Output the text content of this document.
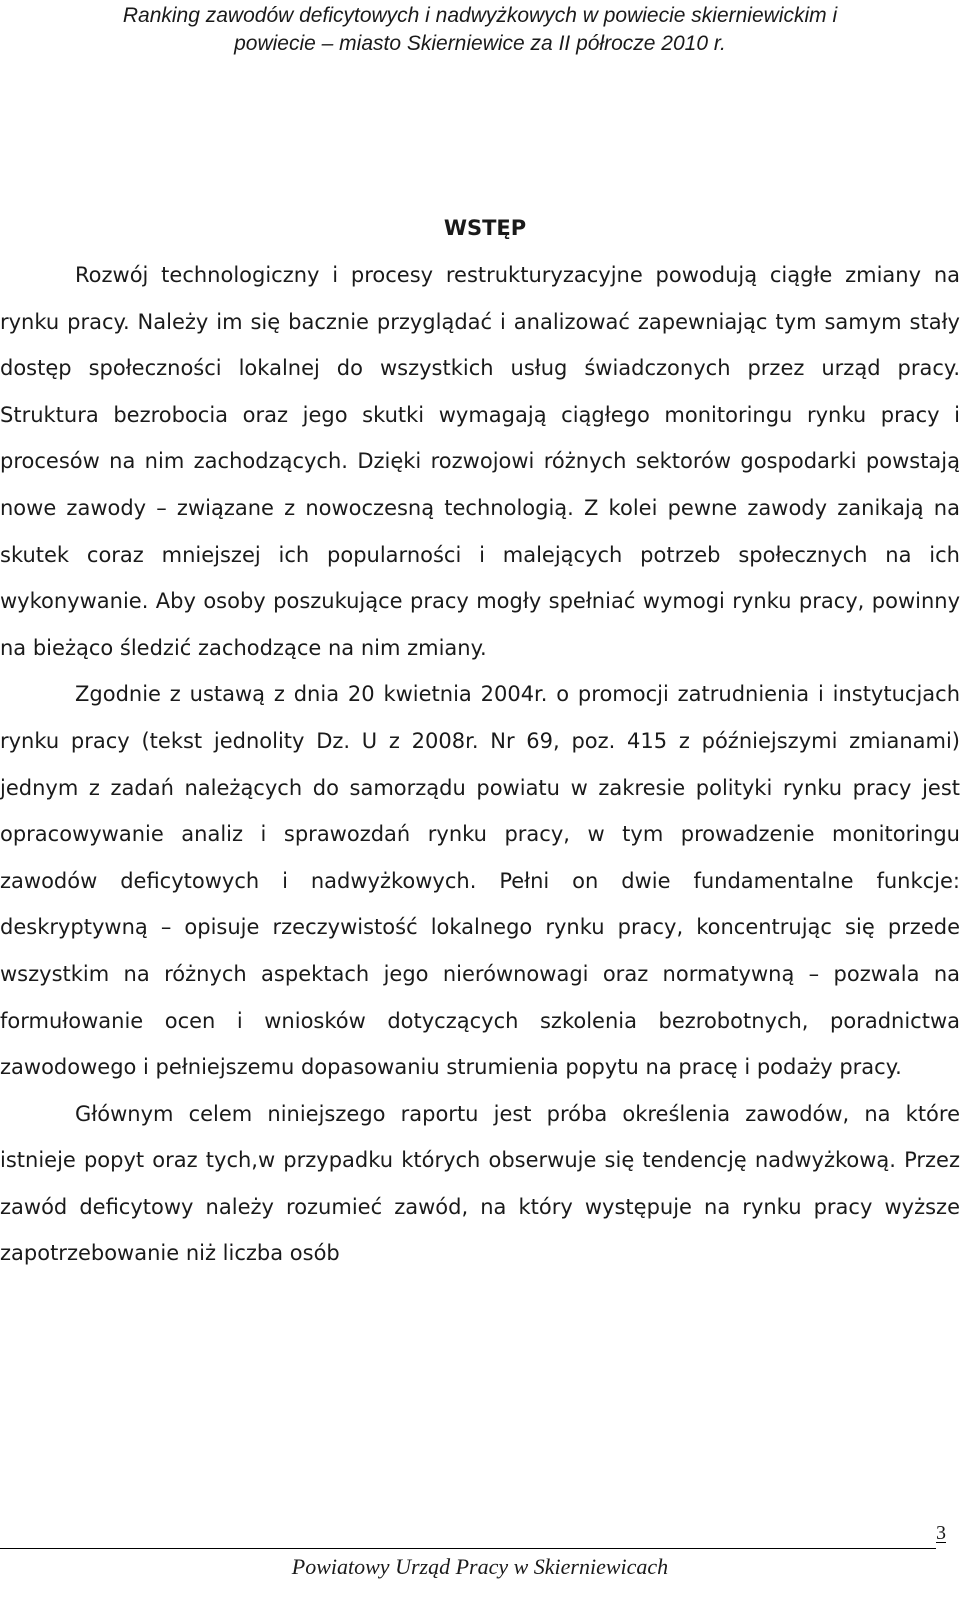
Ranking zawodów deficytowych i nadwyżkowych w powiecie skierniewickim i
powiecie – miasto Skierniewice za II półrocze 2010 r.
WSTĘP

Rozwój technologiczny i procesy restrukturyzacyjne powodują ciągłe zmiany na rynku pracy. Należy im się bacznie przyglądać i analizować zapewniając tym samym stały dostęp społeczności lokalnej do wszystkich usług świadczonych przez urząd pracy. Struktura bezrobocia oraz jego skutki wymagają ciągłego monitoringu rynku pracy i procesów na nim zachodzących. Dzięki rozwojowi różnych sektorów gospodarki powstają nowe zawody – związane z nowoczesną technologią. Z kolei pewne zawody zanikają na skutek coraz mniejszej ich popularności i malejących potrzeb społecznych na ich wykonywanie. Aby osoby poszukujące pracy mogły spełniać wymogi rynku pracy, powinny na bieżąco śledzić zachodzące na nim zmiany.

Zgodnie z ustawą z dnia 20 kwietnia 2004r. o promocji zatrudnienia i instytucjach rynku pracy (tekst jednolity Dz. U z 2008r. Nr 69, poz. 415 z późniejszymi zmianami) jednym z zadań należących do samorządu powiatu w zakresie polityki rynku pracy jest opracowywanie analiz i sprawozdań rynku pracy, w tym prowadzenie monitoringu zawodów deficytowych i nadwyżkowych. Pełni on dwie fundamentalne funkcje: deskryptywną – opisuje rzeczywistość lokalnego rynku pracy, koncentrując się przede wszystkim na różnych aspektach jego nierównowagi oraz normatywną – pozwala na formułowanie ocen i wniosków dotyczących szkolenia bezrobotnych, poradnictwa zawodowego i pełniejszemu dopasowaniu strumienia popytu na pracę i podaży pracy.

Głównym celem niniejszego raportu jest próba określenia zawodów, na które istnieje popyt oraz tych,w przypadku których obserwuje się tendencję nadwyżkową. Przez zawód deficytowy należy rozumieć zawód, na który występuje na rynku pracy wyższe zapotrzebowanie niż liczba osób

3
Powiatowy Urząd Pracy w Skierniewicach
